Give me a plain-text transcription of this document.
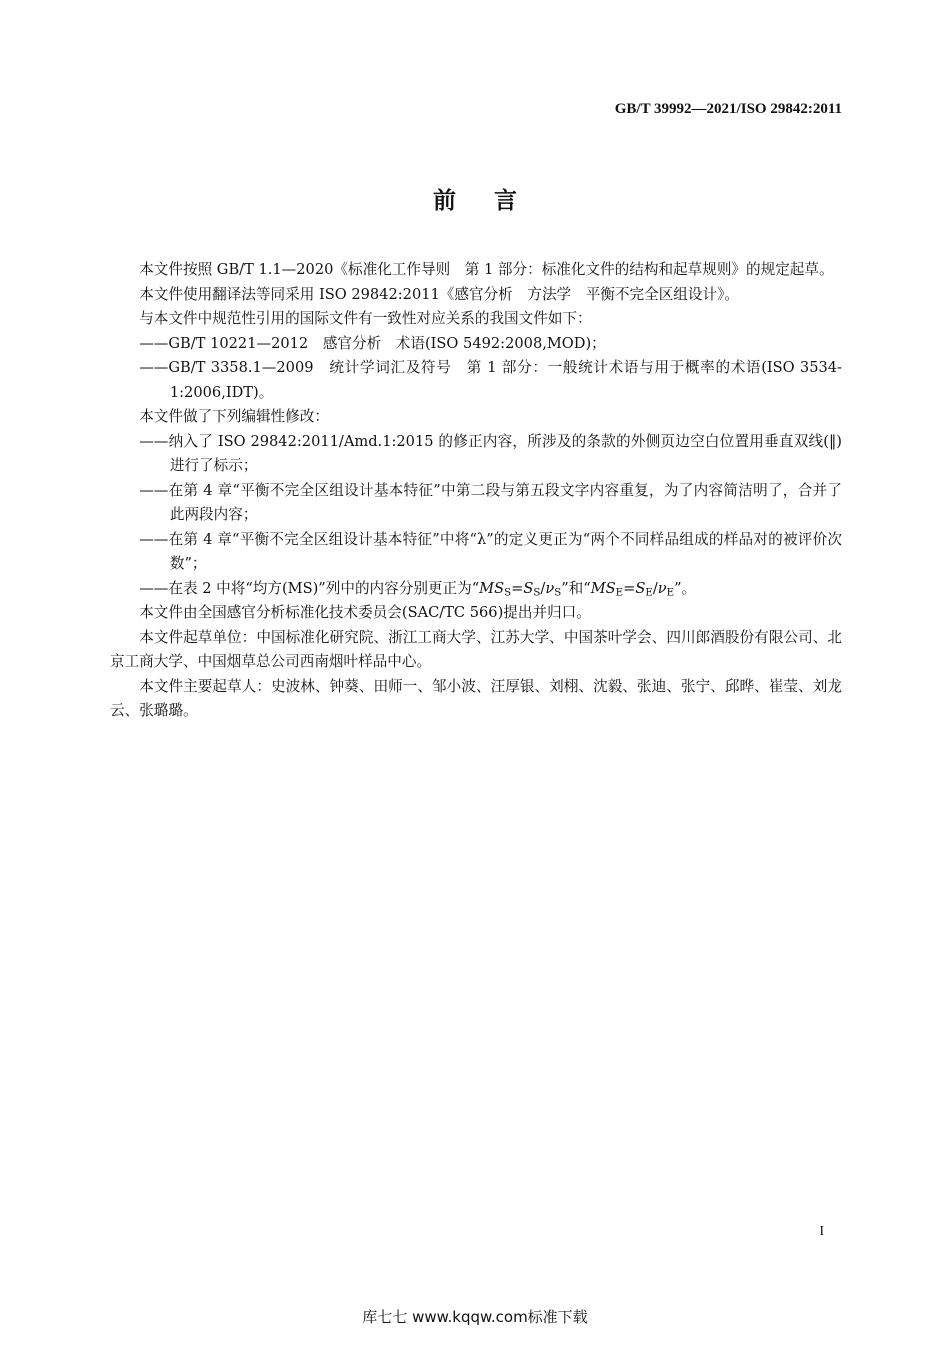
GB/T 39992—2021/ISO 29842:2011
前言

本文件按照 GB/T 1.1—2020《标准化工作导则　第 1 部分：标准化文件的结构和起草规则》的规定起草。

本文件使用翻译法等同采用 ISO 29842:2011《感官分析　方法学　平衡不完全区组设计》。

与本文件中规范性引用的国际文件有一致性对应关系的我国文件如下：

——GB/T 10221—2012　感官分析　术语(ISO 5492:2008,MOD)；

——GB/T 3358.1—2009　统计学词汇及符号　第 1 部分：一般统计术语与用于概率的术语(ISO 3534-1:2006,IDT)。

本文件做了下列编辑性修改：

——纳入了 ISO 29842:2011/Amd.1:2015 的修正内容，所涉及的条款的外侧页边空白位置用垂直双线(‖)进行了标示；

——在第 4 章“平衡不完全区组设计基本特征”中第二段与第五段文字内容重复，为了内容简洁明了，合并了此两段内容；

——在第 4 章“平衡不完全区组设计基本特征”中将“λ”的定义更正为“两个不同样品组成的样品对的被评价次数”；

——在表 2 中将“均方(MS)”列中的内容分别更正为“$MS_S=S_S/\nu_S$”和“$MS_E=S_E/\nu_E$”。

本文件由全国感官分析标准化技术委员会(SAC/TC 566)提出并归口。

本文件起草单位：中国标准化研究院、浙江工商大学、江苏大学、中国茶叶学会、四川郎酒股份有限公司、北京工商大学、中国烟草总公司西南烟叶样品中心。

本文件主要起草人：史波林、钟葵、田师一、邹小波、汪厚银、刘栩、沈毅、张迪、张宁、邱晔、崔莹、刘龙云、张璐璐。

I
库七七 www.kqqw.com标准下载
